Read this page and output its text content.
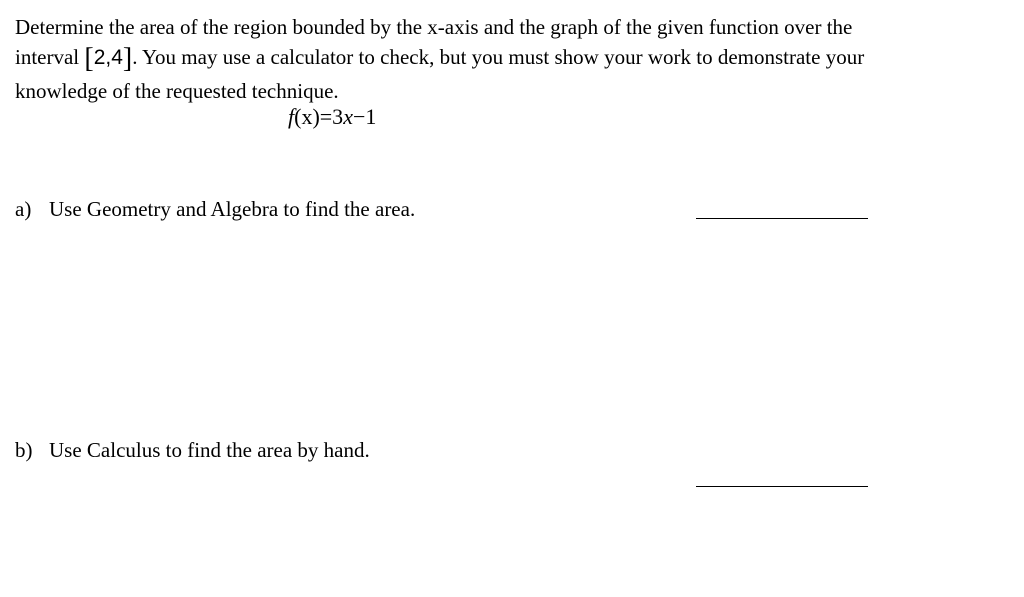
Determine the area of the region bounded by the x-axis and the graph of the given function over the
interval [2,4]. You may use a calculator to check, but you must show your work to demonstrate your
knowledge of the requested technique.
f(x)=3x−1
a) Use Geometry and Algebra to find the area.
b) Use Calculus to find the area by hand.
